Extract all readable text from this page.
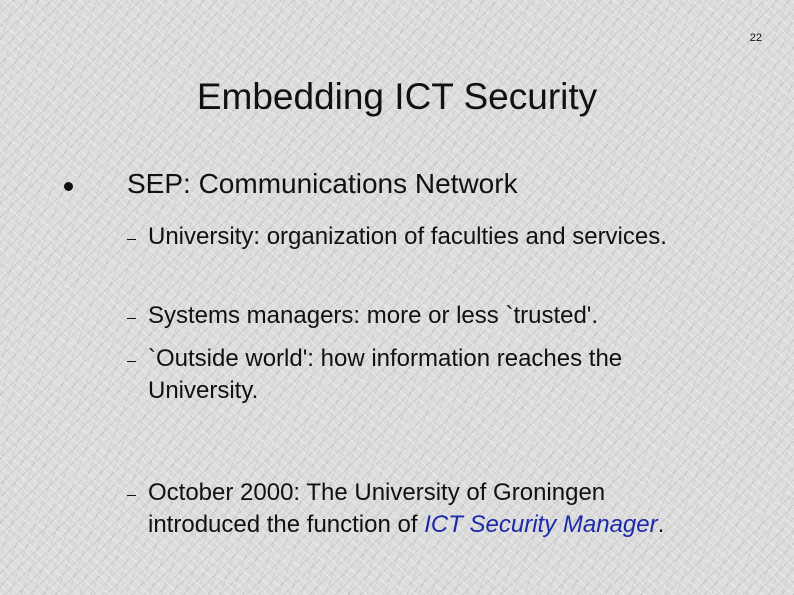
22
Embedding ICT Security
SEP: Communications Network
University: organization of faculties and services.
Systems managers: more or less `trusted'.
`Outside world': how information reaches the University.
October 2000: The University of Groningen introduced the function of ICT Security Manager.
